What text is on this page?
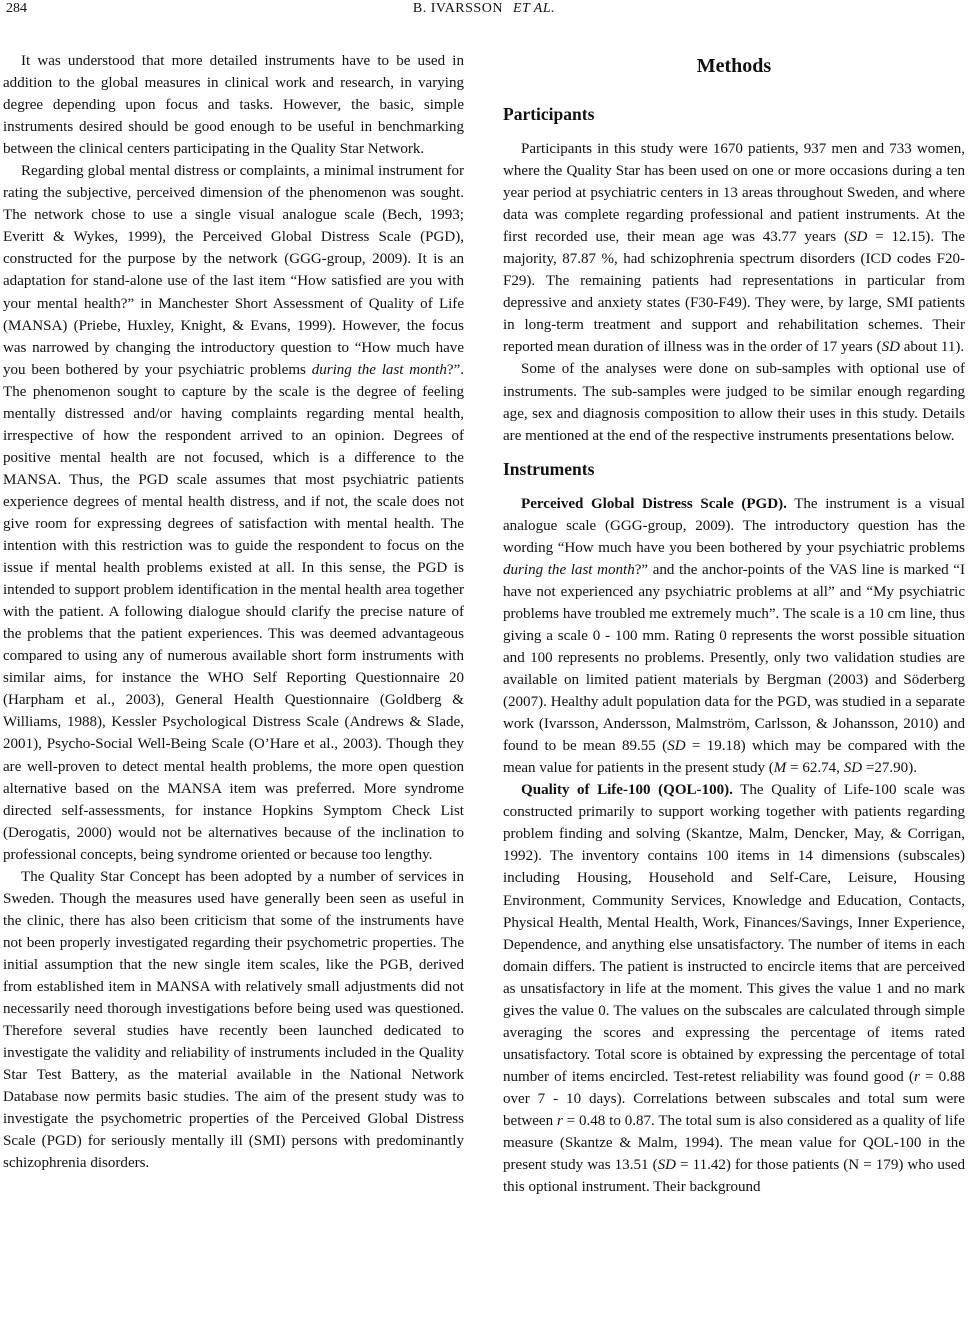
284	B. IVARSSON ET AL.

It was understood that more detailed instruments have to be used in addition to the global measures in clinical work and research, in varying degree depending upon focus and tasks. However, the basic, simple instruments desired should be good enough to be useful in benchmarking between the clinical centers participating in the Quality Star Network.

Regarding global mental distress or complaints, a minimal instrument for rating the subjective, perceived dimension of the phenomenon was sought. The network chose to use a single visual analogue scale (Bech, 1993; Everitt & Wykes, 1999), the Perceived Global Distress Scale (PGD), constructed for the purpose by the network (GGG-group, 2009). It is an adaptation for stand-alone use of the last item “How satisfied are you with your mental health?” in Manchester Short Assessment of Quality of Life (MANSA) (Priebe, Huxley, Knight, & Evans, 1999). However, the focus was narrowed by changing the introductory question to “How much have you been bothered by your psychiatric problems during the last month?”. The phenomenon sought to capture by the scale is the degree of feeling mentally distressed and/or having complaints regarding mental health, irrespective of how the respondent arrived to an opinion. Degrees of positive mental health are not focused, which is a difference to the MANSA. Thus, the PGD scale assumes that most psychiatric patients experience degrees of mental health distress, and if not, the scale does not give room for expressing degrees of satisfaction with mental health. The intention with this restriction was to guide the respondent to focus on the issue if mental health problems existed at all. In this sense, the PGD is intended to support problem identification in the mental health area together with the patient. A following dialogue should clarify the precise nature of the problems that the patient experiences. This was deemed advantageous compared to using any of numerous available short form instruments with similar aims, for instance the WHO Self Reporting Questionnaire 20 (Harpham et al., 2003), General Health Questionnaire (Goldberg & Williams, 1988), Kessler Psychological Distress Scale (Andrews & Slade, 2001), Psycho-Social Well-Being Scale (O’Hare et al., 2003). Though they are well-proven to detect mental health problems, the more open question alternative based on the MANSA item was preferred. More syndrome directed self-assessments, for instance Hopkins Symptom Check List (Derogatis, 2000) would not be alternatives because of the inclination to professional concepts, being syndrome oriented or because too lengthy.

The Quality Star Concept has been adopted by a number of services in Sweden. Though the measures used have generally been seen as useful in the clinic, there has also been criticism that some of the instruments have not been properly investigated regarding their psychometric properties. The initial assumption that the new single item scales, like the PGB, derived from established item in MANSA with relatively small adjustments did not necessarily need thorough investigations before being used was questioned. Therefore several studies have recently been launched dedicated to investigate the validity and reliability of instruments included in the Quality Star Test Battery, as the material available in the National Network Database now permits basic studies. The aim of the present study was to investigate the psychometric properties of the Perceived Global Distress Scale (PGD) for seriously mentally ill (SMI) persons with predominantly schizophrenia disorders.

Methods
Participants

Participants in this study were 1670 patients, 937 men and 733 women, where the Quality Star has been used on one or more occasions during a ten year period at psychiatric centers in 13 areas throughout Sweden, and where data was complete regarding professional and patient instruments. At the first recorded use, their mean age was 43.77 years (SD = 12.15). The majority, 87.87 %, had schizophrenia spectrum disorders (ICD codes F20-F29). The remaining patients had representations in particular from depressive and anxiety states (F30-F49). They were, by large, SMI patients in long-term treatment and support and rehabilitation schemes. Their reported mean duration of illness was in the order of 17 years (SD about 11).

Some of the analyses were done on sub-samples with optional use of instruments. The sub-samples were judged to be similar enough regarding age, sex and diagnosis composition to allow their uses in this study. Details are mentioned at the end of the respective instruments presentations below.

Instruments

Perceived Global Distress Scale (PGD). The instrument is a visual analogue scale (GGG-group, 2009). The introductory question has the wording “How much have you been bothered by your psychiatric problems during the last month?” and the anchor-points of the VAS line is marked “I have not experienced any psychiatric problems at all” and “My psychiatric problems have troubled me extremely much”. The scale is a 10 cm line, thus giving a scale 0 - 100 mm. Rating 0 represents the worst possible situation and 100 represents no problems. Presently, only two validation studies are available on limited patient materials by Bergman (2003) and Söderberg (2007). Healthy adult population data for the PGD, was studied in a separate work (Ivarsson, Andersson, Malmström, Carlsson, & Johansson, 2010) and found to be mean 89.55 (SD = 19.18) which may be compared with the mean value for patients in the present study (M = 62.74, SD =27.90).

Quality of Life-100 (QOL-100). The Quality of Life-100 scale was constructed primarily to support working together with patients regarding problem finding and solving (Skantze, Malm, Dencker, May, & Corrigan, 1992). The inventory contains 100 items in 14 dimensions (subscales) including Housing, Household and Self-Care, Leisure, Housing Environment, Community Services, Knowledge and Education, Contacts, Physical Health, Mental Health, Work, Finances/Savings, Inner Experience, Dependence, and anything else unsatisfactory. The number of items in each domain differs. The patient is instructed to encircle items that are perceived as unsatisfactory in life at the moment. This gives the value 1 and no mark gives the value 0. The values on the subscales are calculated through simple averaging the scores and expressing the percentage of items rated unsatisfactory. Total score is obtained by expressing the percentage of total number of items encircled. Test-retest reliability was found good (r = 0.88 over 7 - 10 days). Correlations between subscales and total sum were between r = 0.48 to 0.87. The total sum is also considered as a quality of life measure (Skantze & Malm, 1994). The mean value for QOL-100 in the present study was 13.51 (SD = 11.42) for those patients (N = 179) who used this optional instrument. Their background
